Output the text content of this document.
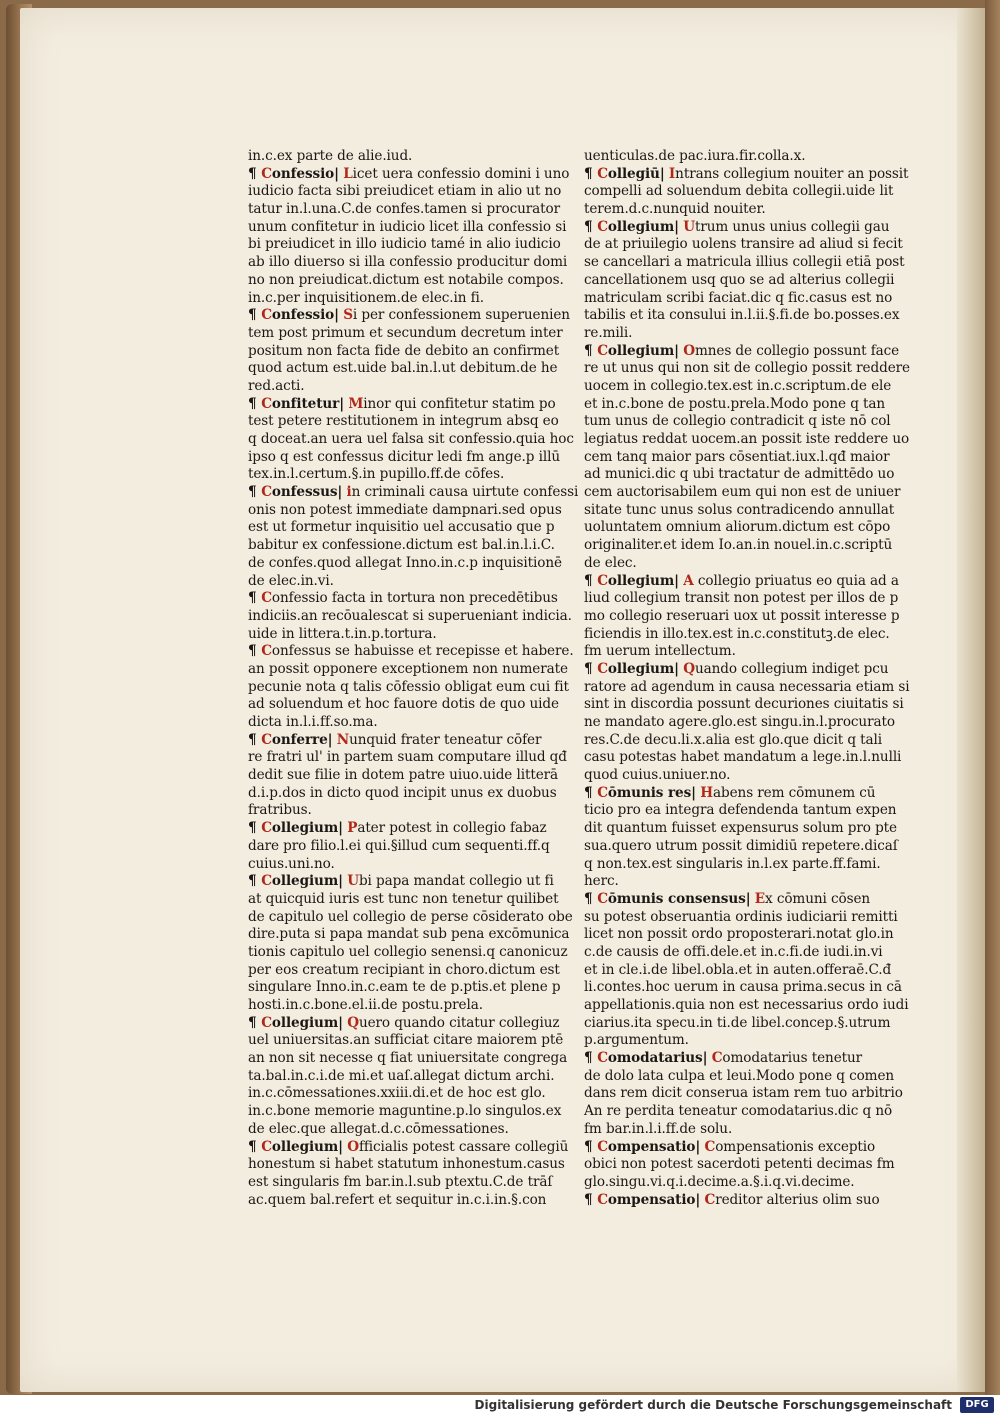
in.c.ex parte de alie.iud.
¶ Confessio| Licet uera confessio domini i uno
iudicio facta sibi preiudicet etiam in alio ut no
tatur in.l.una.C.de confes.tamen si procurator
unum confitetur in iudicio licet illa confessio si
bi preiudicet in illo iudicio tamé in alio iudicio
ab illo diuerso si illa confessio producitur domi
no non preiudicat.dictum est notabile compos.
in.c.per inquisitionem.de elec.in fi.
¶ Confessio| Si per confessionem superuenien
tem post primum et secundum decretum inter
positum non facta fide de debito an confirmet
quod actum est.uide bal.in.l.ut debitum.de he
red.acti.
¶ Confitetur| Minor qui confitetur statim po
test petere restitutionem in integrum absq eo
q doceat.an uera uel falsa sit confessio.quia hoc
ipso q est confessus dicitur ledi fm ange.p illū
tex.in.l.certum.§.in pupillo.ff.de cōfes.
¶ Confessus| in criminali causa uirtute confessi
onis non potest immediate dampnari.sed opus
est ut formetur inquisitio uel accusatio que p
babitur ex confessione.dictum est bal.in.l.i.C.
de confes.quod allegat Inno.in.c.p inquisitionē
de elec.in.vi.
¶ Confessio facta in tortura non precedētibus
indiciis.an recōualescat si superueniant indicia.
uide in littera.t.in.p.tortura.
¶ Confessus se habuisse et recepisse et habere.
an possit opponere exceptionem non numerate
pecunie nota q talis cōfessio obligat eum cui fit
ad soluendum et hoc fauore dotis de quo uide
dicta in.l.i.ff.so.ma.
¶ Conferre| Nunquid frater teneatur cōfer
re fratri ul' in partem suam computare illud qđ
dedit sue filie in dotem patre uiuo.uide litterā
d.i.p.dos in dicto quod incipit unus ex duobus
fratribus.
¶ Collegium| Pater potest in collegio fabaz
dare pro filio.l.ei qui.§illud cum sequenti.ff.q
cuius.uni.no.
¶ Collegium| Ubi papa mandat collegio ut fi
at quicquid iuris est tunc non tenetur quilibet
de capitulo uel collegio de perse cōsiderato obe
dire.puta si papa mandat sub pena excōmunica
tionis capitulo uel collegio senensi.q canonicuz
per eos creatum recipiant in choro.dictum est
singulare Inno.in.c.eam te de p.ptis.et plene p
hosti.in.c.bone.el.ii.de postu.prela.
¶ Collegium| Quero quando citatur collegiuz
uel uniuersitas.an sufficiat citare maiorem ptē
an non sit necesse q fiat uniuersitate congrega
ta.bal.in.c.i.de mi.et uaſ.allegat dictum archi.
in.c.cōmessationes.xxiii.di.et de hoc est glo.
in.c.bone memorie maguntine.p.lo singulos.ex
de elec.que allegat.d.c.cōmessationes.
¶ Collegium| Officialis potest cassare collegiū
honestum si habet statutum inhonestum.casus
est singularis fm bar.in.l.sub ptextu.C.de trāſ
ac.quem bal.refert et sequitur in.c.i.in.§.con
uenticulas.de pac.iura.fir.colla.x.
¶ Collegiū| Intrans collegium nouiter an possit
compelli ad soluendum debita collegii.uide lit
terem.d.c.nunquid nouiter.
¶ Collegium| Utrum unus unius collegii gau
de at priuilegio uolens transire ad aliud si fecit
se cancellari a matricula illius collegii etiā post
cancellationem usq quo se ad alterius collegii
matriculam scribi faciat.dic q fic.casus est no
tabilis et ita consului in.l.ii.§.fi.de bo.posses.ex
re.mili.
¶ Collegium| Omnes de collegio possunt face
re ut unus qui non sit de collegio possit reddere
uocem in collegio.tex.est in.c.scriptum.de ele
et in.c.bone de postu.prela.Modo pone q tan
tum unus de collegio contradicit q iste nō col
legiatus reddat uocem.an possit iste reddere uo
cem tanq maior pars cōsentiat.iux.l.qđ maior
ad munici.dic q ubi tractatur de admittēdo uo
cem auctorisabilem eum qui non est de uniuer
sitate tunc unus solus contradicendo annullat
uoluntatem omnium aliorum.dictum est cōpo
originaliter.et idem Io.an.in nouel.in.c.scriptū
de elec.
¶ Collegium| A collegio priuatus eo quia ad a
liud collegium transit non potest per illos de p
mo collegio reseruari uox ut possit interesse p
ficiendis in illo.tex.est in.c.constitutꝫ.de elec.
fm uerum intellectum.
¶ Collegium| Quando collegium indiget pcu
ratore ad agendum in causa necessaria etiam si
sint in discordia possunt decuriones ciuitatis si
ne mandato agere.glo.est singu.in.l.procurato
res.C.de decu.li.x.alia est glo.que dicit q tali
casu potestas habet mandatum a lege.in.l.nulli
quod cuius.uniuer.no.
¶ Cōmunis res| Habens rem cōmunem cū
ticio pro ea integra defendenda tantum expen
dit quantum fuisset expensurus solum pro pte
sua.quero utrum possit dimidiū repetere.dicaſ
q non.tex.est singularis in.l.ex parte.ff.fami.
herc.
¶ Cōmunis consensus| Ex cōmuni cōsen
su potest obseruantia ordinis iudiciarii remitti
licet non possit ordo proposterari.notat glo.in
c.de causis de offi.dele.et in.c.fi.de iudi.in.vi
et in cle.i.de libel.obla.et in auten.offeraē.C.đ
li.contes.hoc uerum in causa prima.secus in cā
appellationis.quia non est necessarius ordo iudi
ciarius.ita specu.in ti.de libel.concep.§.utrum
p.argumentum.
¶ Comodatarius| Comodatarius tenetur
de dolo lata culpa et leui.Modo pone q comen
dans rem dicit conserua istam rem tuo arbitrio
An re perdita teneatur comodatarius.dic q nō
fm bar.in.l.i.ff.de solu.
¶ Compensatio| Compensationis exceptio
obici non potest sacerdoti petenti decimas fm
glo.singu.vi.q.i.decime.a.§.i.q.vi.decime.
¶ Compensatio| Creditor alterius olim suo
Digitalisierung gefördert durch die Deutsche Forschungsgemeinschaft	DFG
